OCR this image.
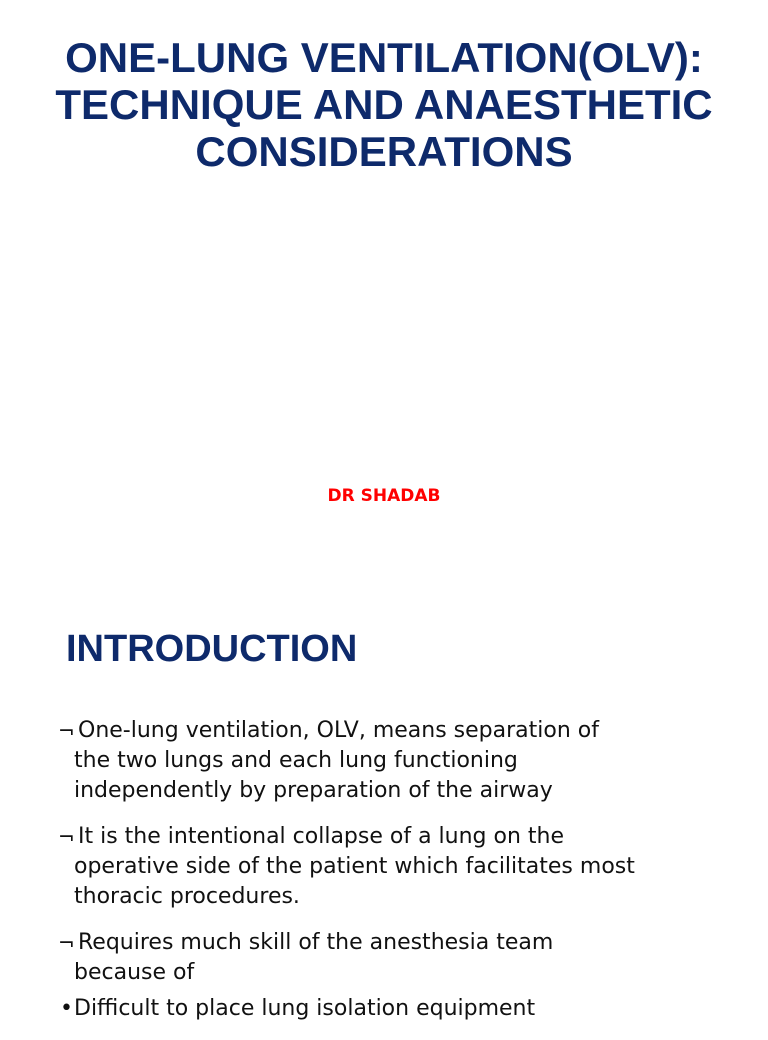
ONE-LUNG VENTILATION(OLV):
TECHNIQUE AND ANAESTHETIC
CONSIDERATIONS
DR SHADAB
INTRODUCTION
¬ One-lung ventilation, OLV, means separation of
the two lungs and each lung functioning
independently by preparation of the airway
¬ It is the intentional collapse of a lung on the
operative side of the patient which facilitates most
thoracic procedures.
¬ Requires much skill of the anesthesia team
because of
• Difficult to place lung isolation equipment
